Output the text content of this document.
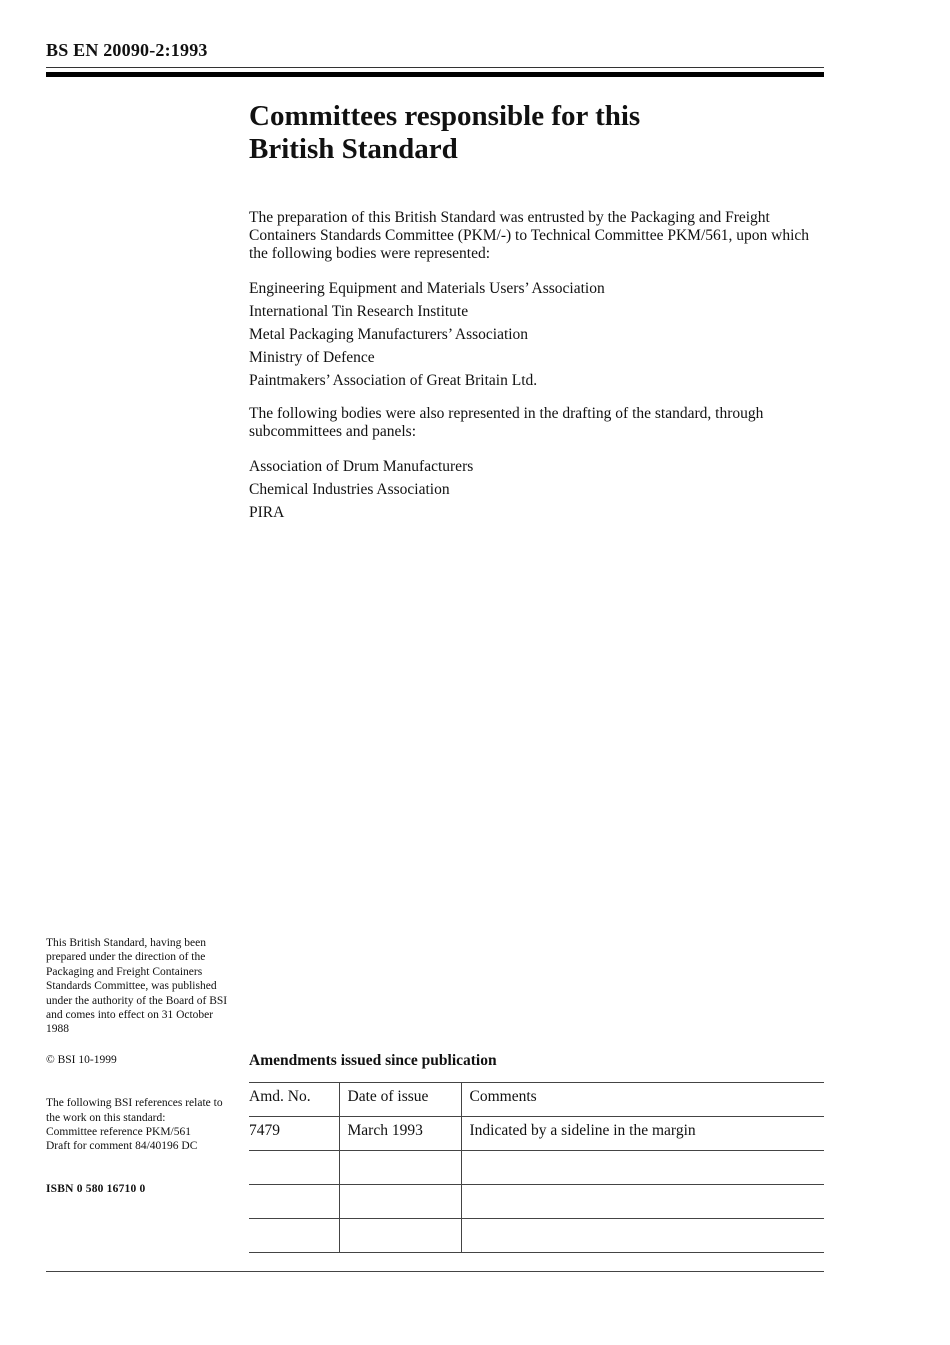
BS EN 20090-2:1993
Committees responsible for this
British Standard

The preparation of this British Standard was entrusted by the Packaging and Freight Containers Standards Committee (PKM/-) to Technical Committee PKM/561, upon which the following bodies were represented:

Engineering Equipment and Materials Users’ Association
International Tin Research Institute
Metal Packaging Manufacturers’ Association
Ministry of Defence
Paintmakers’ Association of Great Britain Ltd.

The following bodies were also represented in the drafting of the standard, through subcommittees and panels:

Association of Drum Manufacturers
Chemical Industries Association
PIRA

This British Standard, having been prepared under the direction of the Packaging and Freight Containers Standards Committee, was published under the authority of the Board of BSI and comes into effect on 31 October 1988

© BSI 10-1999

The following BSI references relate to the work on this standard:

Committee reference PKM/561

Draft for comment 84/40196 DC

ISBN 0 580 16710 0

Amendments issued since publication
Amd. No.	Date of issue	Comments
7479	March 1993	Indicated by a sideline in the margin
